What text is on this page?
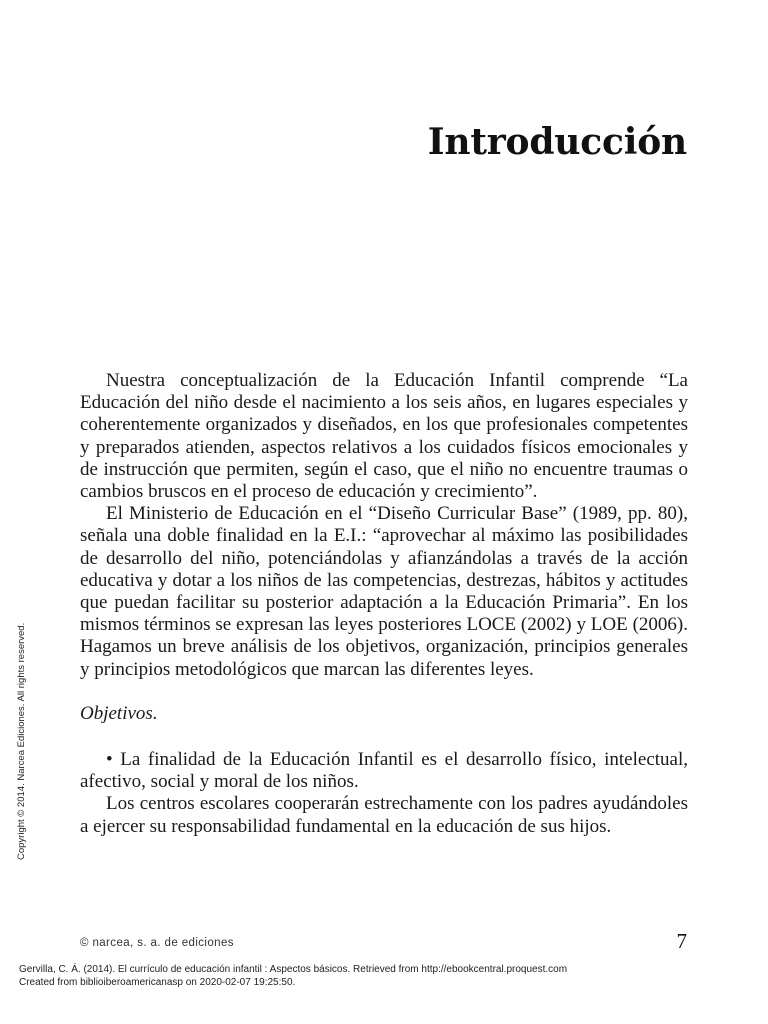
Introducción

Nuestra conceptualización de la Educación Infantil comprende “La Educación del niño desde el nacimiento a los seis años, en lugares especiales y coherentemente organizados y diseñados, en los que profesionales competentes y preparados atienden, aspectos relativos a los cuidados físicos emocionales y de instrucción que permiten, según el caso, que el niño no encuentre traumas o cambios bruscos en el proceso de educación y crecimiento”.

El Ministerio de Educación en el “Diseño Curricular Base” (1989, pp. 80), señala una doble finalidad en la E.I.: “aprovechar al máximo las posibilidades de desarrollo del niño, potenciándolas y afianzándolas a través de la acción educativa y dotar a los niños de las competencias, destrezas, hábitos y actitudes que puedan facilitar su posterior adaptación a la Educación Primaria”. En los mismos términos se expresan las leyes posteriores LOCE (2002) y LOE (2006). Hagamos un breve análisis de los objetivos, organización, principios generales y principios metodológicos que marcan las diferentes leyes.

Objetivos.

• La finalidad de la Educación Infantil es el desarrollo físico, intelectual, afectivo, social y moral de los niños.

Los centros escolares cooperarán estrechamente con los padres ayudándoles a ejercer su responsabilidad fundamental en la educación de sus hijos.

© narcea, s. a. de ediciones	7
Gervilla, C. Á. (2014). El currículo de educación infantil : Aspectos básicos. Retrieved from http://ebookcentral.proquest.com
Created from biblioiberoamericanasp on 2020-02-07 19:25:50.
Copyright © 2014. Narcea Ediciones. All rights reserved.
